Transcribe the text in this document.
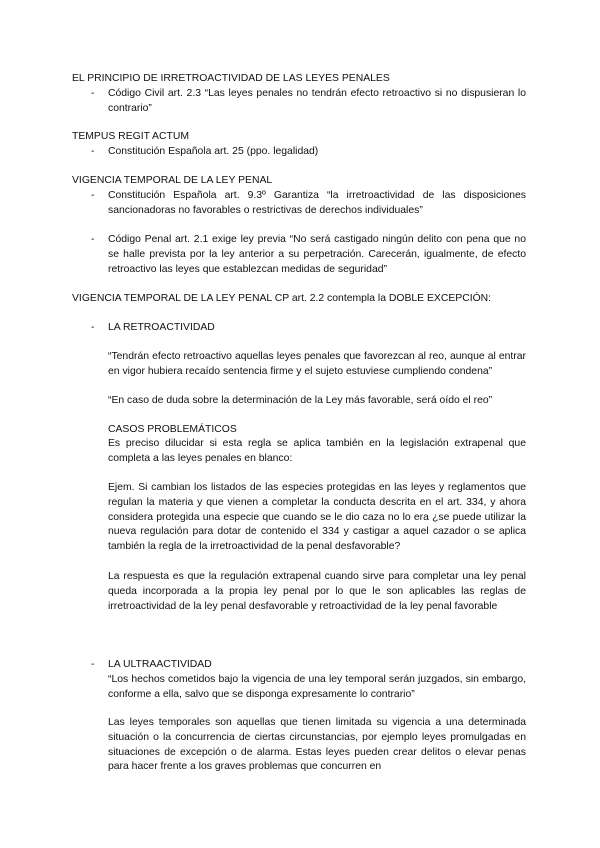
EL PRINCIPIO DE IRRETROACTIVIDAD DE LAS LEYES PENALES
- Código Civil art. 2.3 “Las leyes penales no tendrán efecto retroactivo si no dispusieran lo contrario”
TEMPUS REGIT ACTUM
- Constitución Española art. 25 (ppo. legalidad)
VIGENCIA TEMPORAL DE LA LEY PENAL
- Constitución Española art. 9.3º Garantiza “la irretroactividad de las disposiciones sancionadoras no favorables o restrictivas de derechos individuales”
- Código Penal art. 2.1 exige ley previa “No será castigado ningún delito con pena que no se halle prevista por la ley anterior a su perpetración. Carecerán, igualmente, de efecto retroactivo las leyes que establezcan medidas de seguridad”
VIGENCIA TEMPORAL DE LA LEY PENAL CP art. 2.2 contempla la DOBLE EXCEPCIÓN:
- LA RETROACTIVIDAD
“Tendrán efecto retroactivo aquellas leyes penales que favorezcan al reo, aunque al entrar en vigor hubiera recaído sentencia firme y el sujeto estuviese cumpliendo condena”
“En caso de duda sobre la determinación de la Ley más favorable, será oído el reo”
CASOS PROBLEMÁTICOS
Es preciso dilucidar si esta regla se aplica también en la legislación extrapenal que completa a las leyes penales en blanco:
Ejem. Si cambian los listados de las especies protegidas en las leyes y reglamentos que regulan la materia y que vienen a completar la conducta descrita en el art. 334, y ahora considera protegida una especie que cuando se le dio caza no lo era ¿se puede utilizar la nueva regulación para dotar de contenido el 334 y castigar a aquel cazador o se aplica también la regla de la irretroactividad de la penal desfavorable?
La respuesta es que la regulación extrapenal cuando sirve para completar una ley penal queda incorporada a la propia ley penal por lo que le son aplicables las reglas de irretroactividad de la ley penal desfavorable y retroactividad de la ley penal favorable
- LA ULTRAACTIVIDAD
“Los hechos cometidos bajo la vigencia de una ley temporal serán juzgados, sin embargo, conforme a ella, salvo que se disponga expresamente lo contrario”
Las leyes temporales son aquellas que tienen limitada su vigencia a una determinada situación o la concurrencia de ciertas circunstancias, por ejemplo leyes promulgadas en situaciones de excepción o de alarma. Estas leyes pueden crear delitos o elevar penas para hacer frente a los graves problemas que concurren en
